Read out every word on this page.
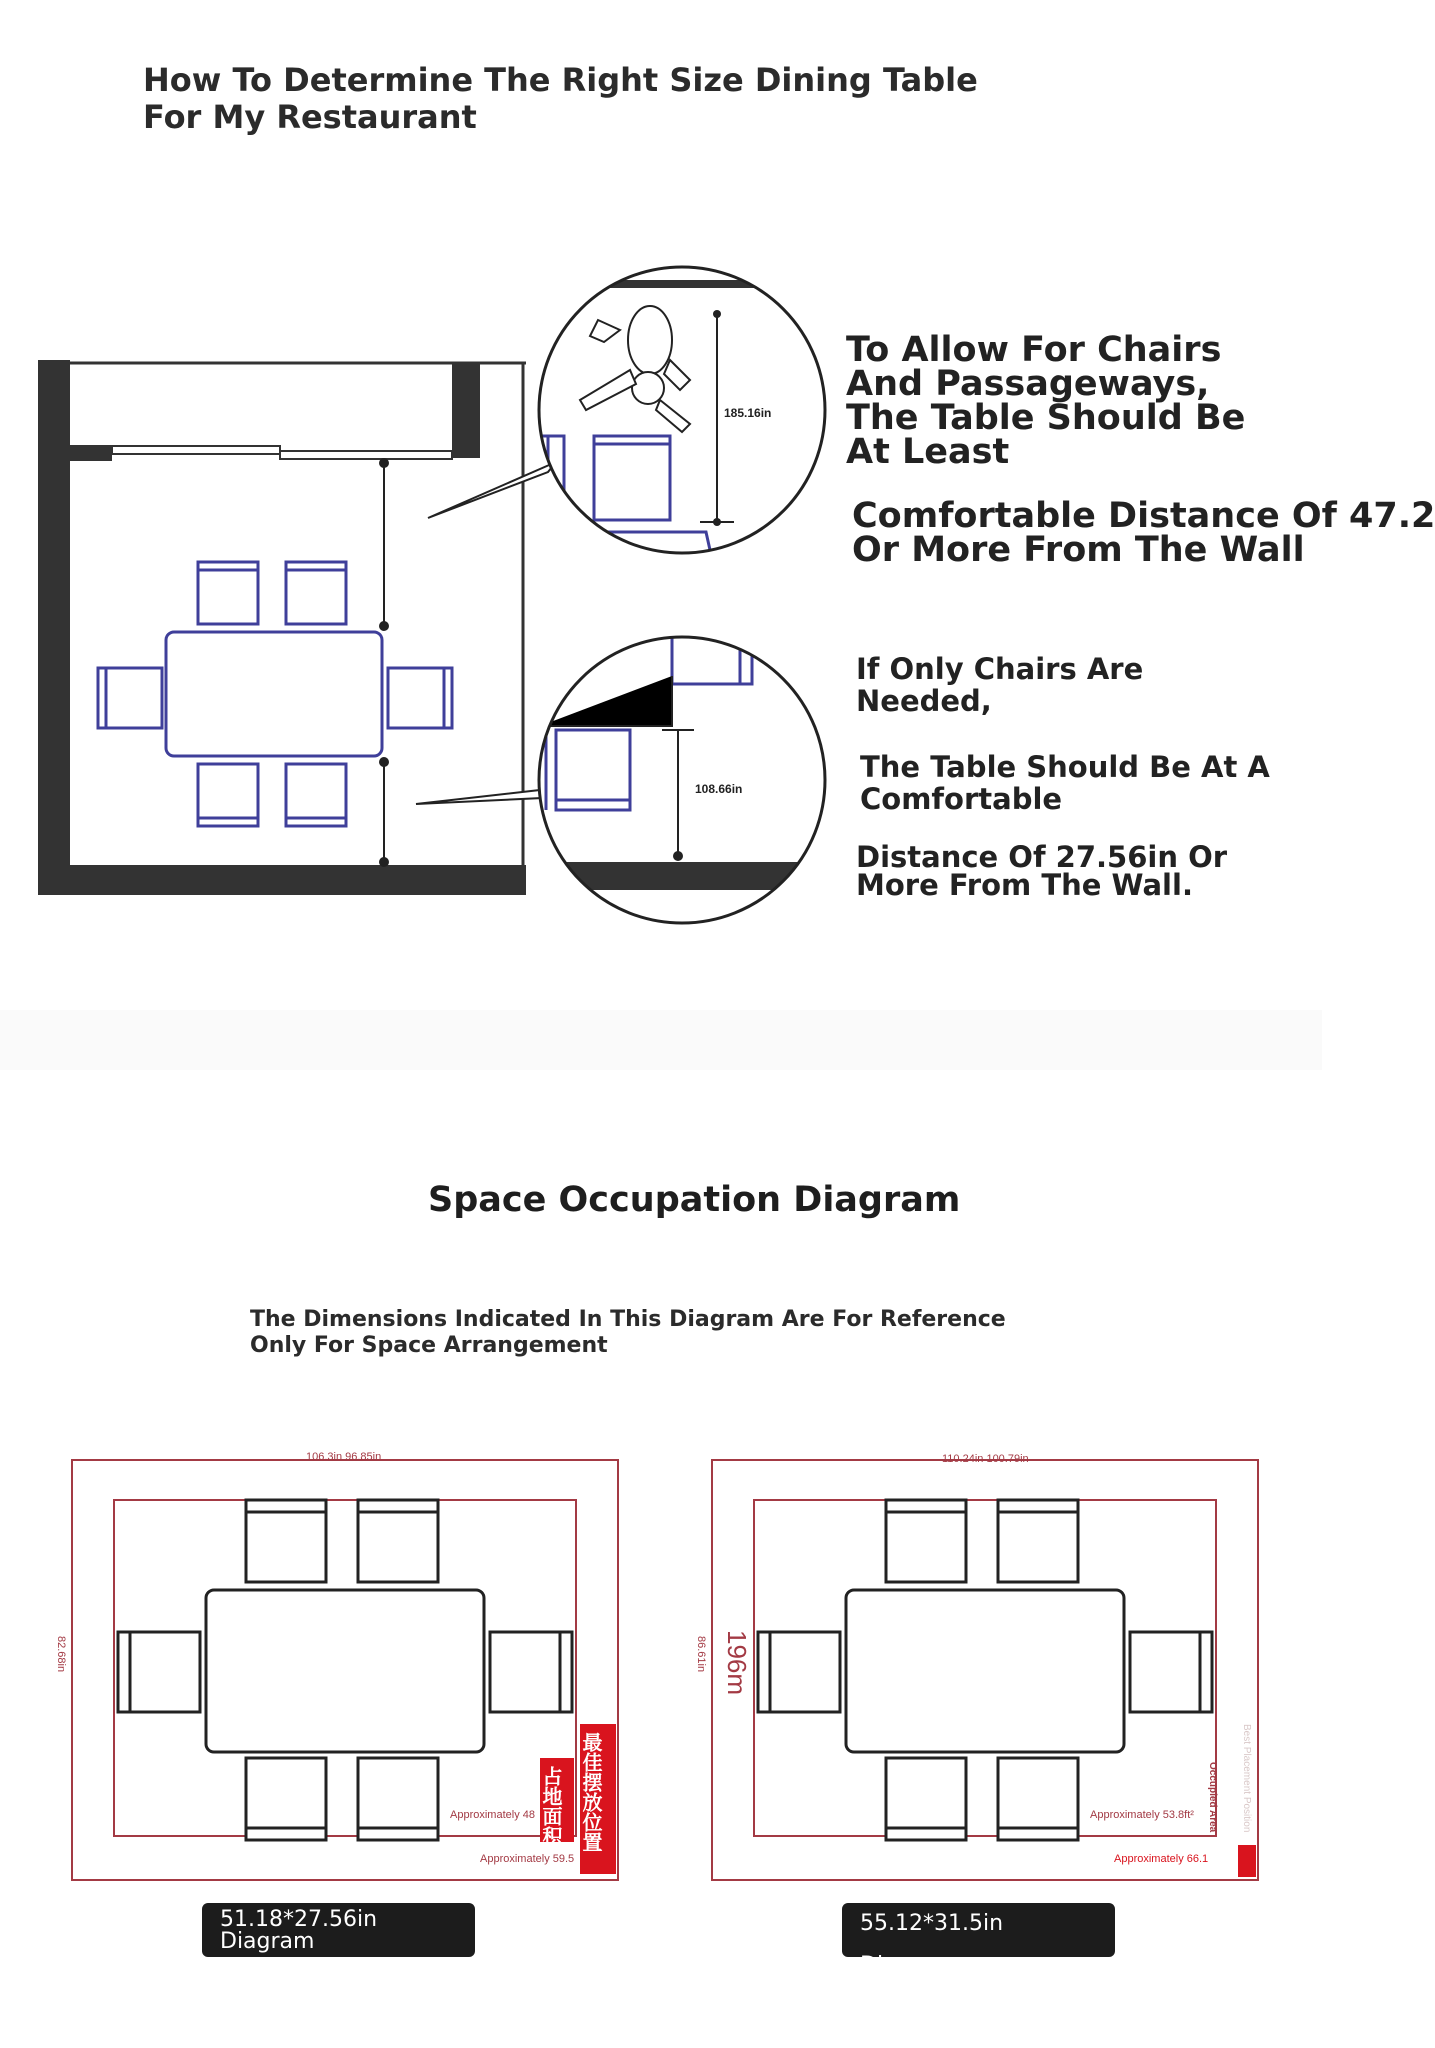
How To Determine The Right Size Dining Table For My Restaurant
185.16in
108.66in
To Allow For Chairs
And Passageways,
The Table Should Be
At Least
Comfortable Distance Of 47.2
Or More From The Wall
If Only Chairs Are
Needed,
The Table Should Be At A
Comfortable
Distance Of 27.56in Or
More From The Wall.
Space Occupation Diagram
The Dimensions Indicated In This Diagram Are For Reference Only For Space Arrangement
106.3in 96.85in
82.68in
Approximately 48
Approximately 59.5
占地面积 最佳摆放位置
110.24in 100.79in
86.61in 196m
Approximately 53.8ft²
Approximately 66.1
Occupied Area Best Placement Position
51.18*27.56in Diagram
55.12*31.5in Diagram
